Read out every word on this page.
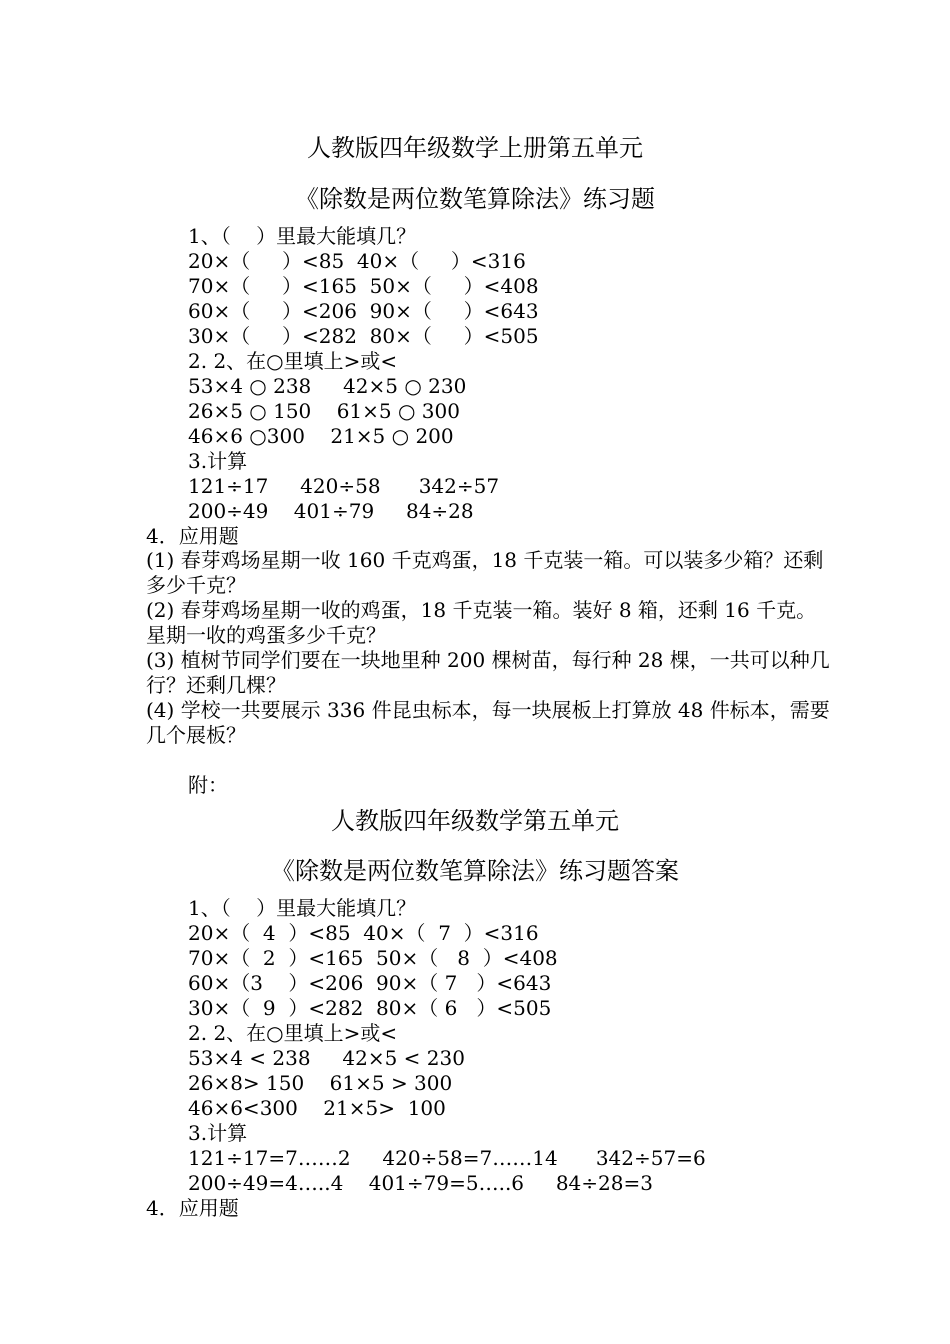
人教版四年级数学上册第五单元
《除数是两位数笔算除法》练习题
1、（    ）里最大能填几？
20×（     ）<85  40×（     ）<316
70×（     ）<165  50×（     ）<408
60×（     ）<206  90×（     ）<643
30×（     ）<282  80×（     ）<505
2. 2、在○里填上>或<
53×4 ○ 238     42×5 ○ 230
26×5 ○ 150    61×5 ○ 300
46×6 ○300    21×5 ○ 200
3.计算
121÷17     420÷58      342÷57
200÷49    401÷79     84÷28
4．应用题
(1) 春芽鸡场星期一收 160 千克鸡蛋，18 千克装一箱。可以装多少箱？还剩多少千克？
(2) 春芽鸡场星期一收的鸡蛋，18 千克装一箱。装好 8 箱，还剩 16 千克。星期一收的鸡蛋多少千克？
(3) 植树节同学们要在一块地里种 200 棵树苗，每行种 28 棵，一共可以种几行？还剩几棵？
(4) 学校一共要展示 336 件昆虫标本，每一块展板上打算放 48 件标本，需要几个展板？
附：
人教版四年级数学第五单元
《除数是两位数笔算除法》练习题答案
1、（    ）里最大能填几？
20×（  4  ）<85  40×（  7  ）<316
70×（  2  ）<165  50×（   8  ）<408
60×（3    ）<206  90×（ 7   ）<643
30×（  9  ）<282  80×（ 6   ）<505
2. 2、在○里填上>或<
53×4 < 238     42×5 < 230
26×8> 150    61×5 > 300
46×6<300    21×5>  100
3.计算
121÷17=7……2     420÷58=7……14      342÷57=6
200÷49=4…..4    401÷79=5…..6     84÷28=3
4．应用题
